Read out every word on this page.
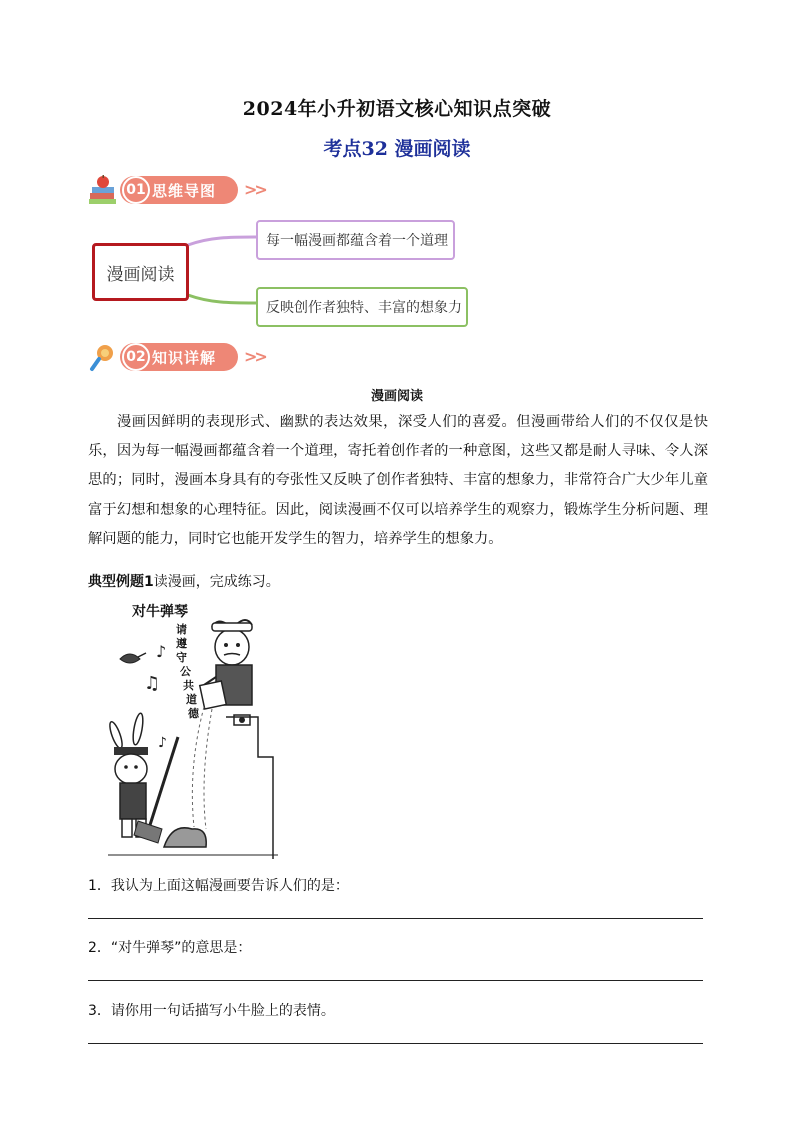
2024年小升初语文核心知识点突破
考点32 漫画阅读
01 思维导图 >>
漫画阅读
每一幅漫画都蕴含着一个道理
反映创作者独特、丰富的想象力
02 知识详解 >>
漫画阅读
漫画因鲜明的表现形式、幽默的表达效果，深受人们的喜爱。但漫画带给人们的不仅仅是快乐，因为每一幅漫画都蕴含着一个道理，寄托着创作者的一种意图，这些又都是耐人寻味、令人深思的；同时，漫画本身具有的夸张性又反映了创作者独特、丰富的想象力，非常符合广大少年儿童富于幻想和想象的心理特征。因此，阅读漫画不仅可以培养学生的观察力，锻炼学生分析问题、理解问题的能力，同时它也能开发学生的智力，培养学生的想象力。
典型例题1读漫画，完成练习。
对牛弹琴
请
遵
守
公
共
道
德
♪
♫
♪
1．我认为上面这幅漫画要告诉人们的是：
2．“对牛弹琴”的意思是：
3．请你用一句话描写小牛脸上的表情。
